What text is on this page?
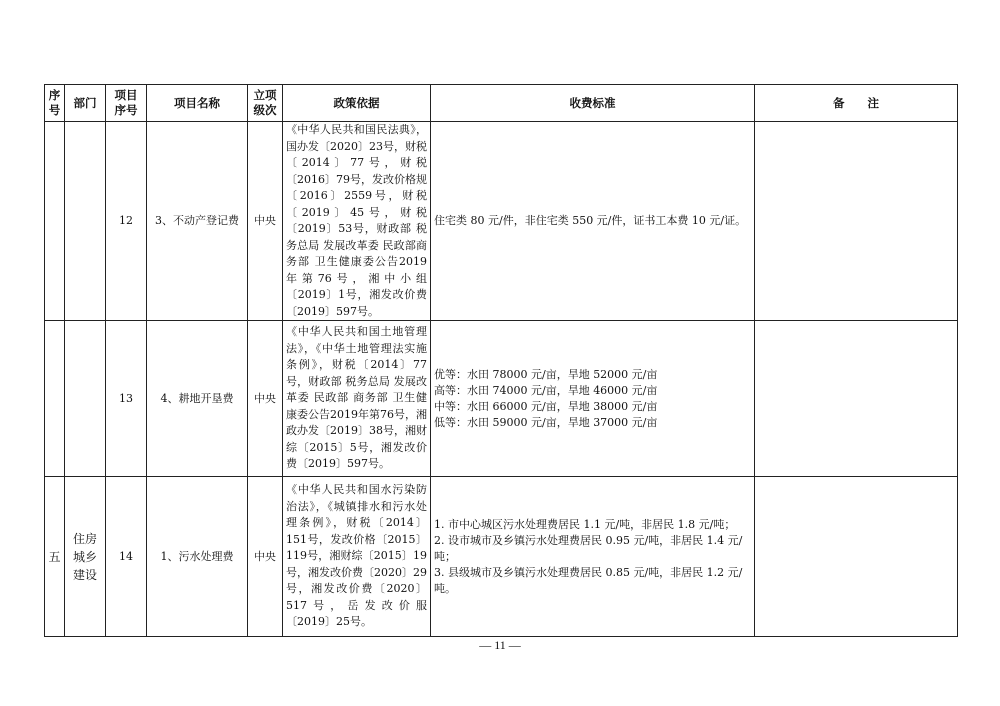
序号	部门	项目序号	项目名称	立项级次	政策依据	收费标准	备　　注
		12	3、不动产登记费	中央	《中华人民共和国民法典》，国办发〔2020〕23号，财税〔2014〕77号，财税〔2016〕79号，发改价格规〔2016〕2559号，财税〔2019〕45号，财税〔2019〕53号，财政部 税务总局 发展改革委 民政部商务部 卫生健康委公告2019年第76号，湘中小组〔2019〕1号，湘发改价费〔2019〕597号。	住宅类 80 元/件，非住宅类 550 元/件，证书工本费 10 元/证。	

		13	4、耕地开垦费	中央	《中华人民共和国土地管理法》，《中华土地管理法实施条例》，财税〔2014〕77号，财政部 税务总局 发展改革委 民政部 商务部 卫生健康委公告2019年第76号，湘政办发〔2019〕38号，湘财综〔2015〕5号，湘发改价费〔2019〕597号。	优等：水田 78000 元/亩，旱地 52000 元/亩
高等：水田 74000 元/亩，旱地 46000 元/亩
中等：水田 66000 元/亩，旱地 38000 元/亩
低等：水田 59000 元/亩，旱地 37000 元/亩	

五	住房
城乡
建设	14	1、污水处理费	中央	《中华人民共和国水污染防治法》，《城镇排水和污水处理条例》，财税〔2014〕151号，发改价格〔2015〕119号，湘财综〔2015〕19号，湘发改价费〔2020〕29号，湘发改价费〔2020〕517号，岳发改价服〔2019〕25号。	1. 市中心城区污水处理费居民 1.1 元/吨，非居民 1.8 元/吨；
2. 设市城市及乡镇污水处理费居民 0.95 元/吨，非居民 1.4 元/吨；
3. 县级城市及乡镇污水处理费居民 0.85 元/吨，非居民 1.2 元/吨。	

— 11 —
